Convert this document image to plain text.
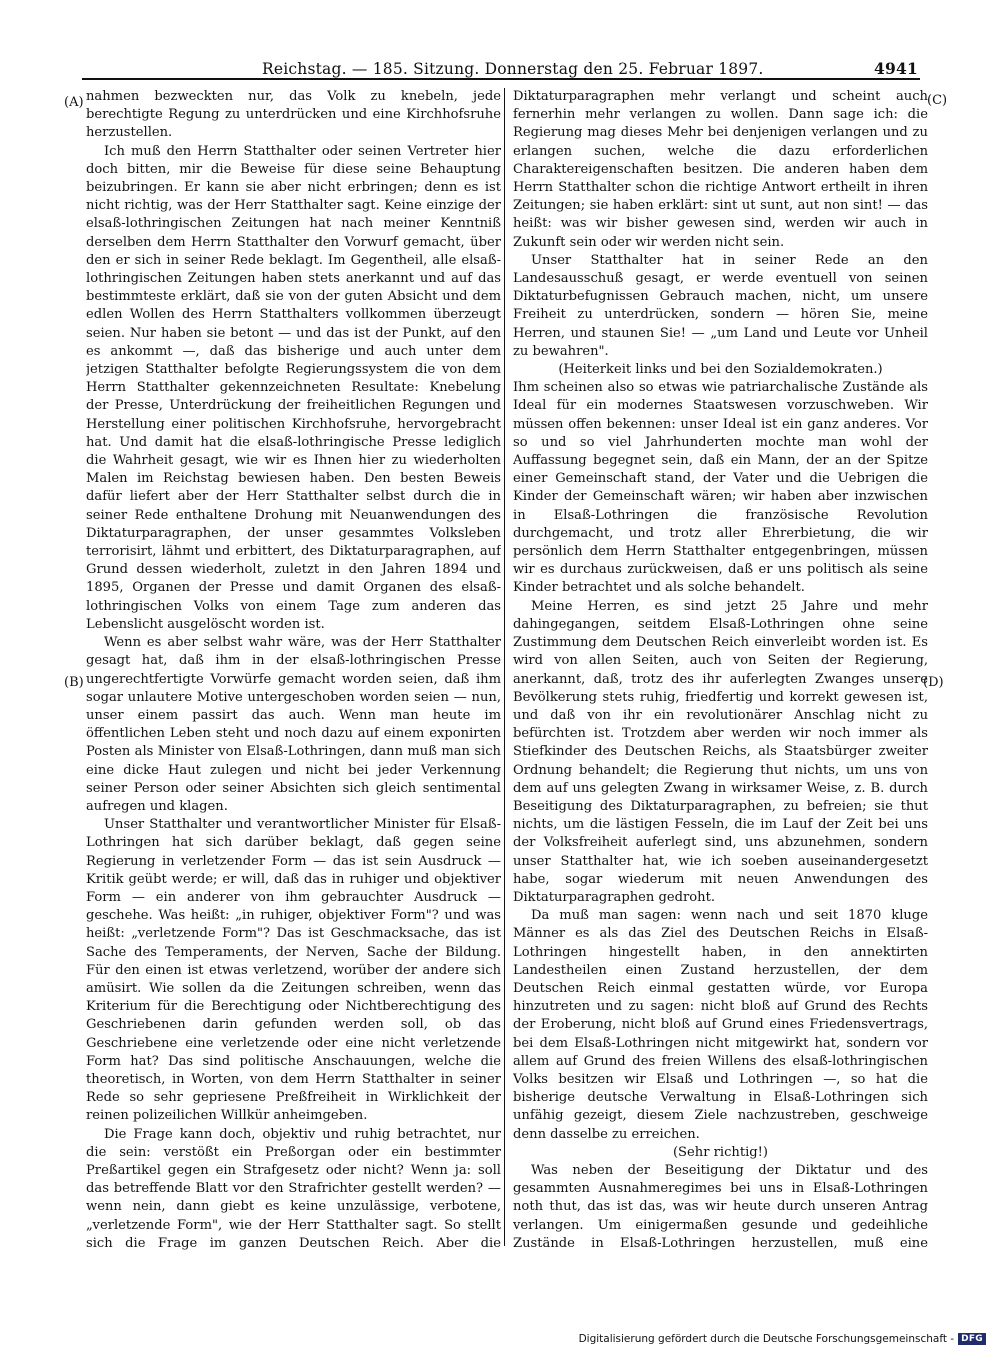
Reichstag. — 185. Sitzung. Donnerstag den 25. Februar 1897.	4941
(A)
(B)
(C)
(D)

nahmen bezweckten nur, das Volk zu knebeln, jede berechtigte Regung zu unterdrücken und eine Kirchhofsruhe herzustellen.

Ich muß den Herrn Statthalter oder seinen Vertreter hier doch bitten, mir die Beweise für diese seine Behauptung beizubringen. Er kann sie aber nicht erbringen; denn es ist nicht richtig, was der Herr Statthalter sagt. Keine einzige der elsaß-lothringischen Zeitungen hat nach meiner Kenntniß derselben dem Herrn Statthalter den Vorwurf gemacht, über den er sich in seiner Rede beklagt. Im Gegentheil, alle elsaß-lothringischen Zeitungen haben stets anerkannt und auf das bestimmteste erklärt, daß sie von der guten Absicht und dem edlen Wollen des Herrn Statthalters vollkommen überzeugt seien. Nur haben sie betont — und das ist der Punkt, auf den es ankommt —, daß das bisherige und auch unter dem jetzigen Statthalter befolgte Regierungssystem die von dem Herrn Statthalter gekennzeichneten Resultate: Knebelung der Presse, Unterdrückung der freiheitlichen Regungen und Herstellung einer politischen Kirchhofsruhe, hervorgebracht hat. Und damit hat die elsaß-lothringische Presse lediglich die Wahrheit gesagt, wie wir es Ihnen hier zu wiederholten Malen im Reichstag bewiesen haben. Den besten Beweis dafür liefert aber der Herr Statthalter selbst durch die in seiner Rede enthaltene Drohung mit Neuanwendungen des Diktaturparagraphen, der unser gesammtes Volksleben terrorisirt, lähmt und erbittert, des Diktaturparagraphen, auf Grund dessen wiederholt, zuletzt in den Jahren 1894 und 1895, Organen der Presse und damit Organen des elsaß-lothringischen Volks von einem Tage zum anderen das Lebenslicht ausgelöscht worden ist.

Wenn es aber selbst wahr wäre, was der Herr Statthalter gesagt hat, daß ihm in der elsaß-lothringischen Presse ungerechtfertigte Vorwürfe gemacht worden seien, daß ihm sogar unlautere Motive untergeschoben worden seien — nun, unser einem passirt das auch. Wenn man heute im öffentlichen Leben steht und noch dazu auf einem exponirten Posten als Minister von Elsaß-Lothringen, dann muß man sich eine dicke Haut zulegen und nicht bei jeder Verkennung seiner Person oder seiner Absichten sich gleich sentimental aufregen und klagen.

Unser Statthalter und verantwortlicher Minister für Elsaß-Lothringen hat sich darüber beklagt, daß gegen seine Regierung in verletzender Form — das ist sein Ausdruck — Kritik geübt werde; er will, daß das in ruhiger und objektiver Form — ein anderer von ihm gebrauchter Ausdruck — geschehe. Was heißt: „in ruhiger, objektiver Form"? und was heißt: „verletzende Form"? Das ist Geschmacksache, das ist Sache des Temperaments, der Nerven, Sache der Bildung. Für den einen ist etwas verletzend, worüber der andere sich amüsirt. Wie sollen da die Zeitungen schreiben, wenn das Kriterium für die Berechtigung oder Nichtberechtigung des Geschriebenen darin gefunden werden soll, ob das Geschriebene eine verletzende oder eine nicht verletzende Form hat? Das sind politische Anschauungen, welche die theoretisch, in Worten, von dem Herrn Statthalter in seiner Rede so sehr gepriesene Preßfreiheit in Wirklichkeit der reinen polizeilichen Willkür anheimgeben.

Die Frage kann doch, objektiv und ruhig betrachtet, nur die sein: verstößt ein Preßorgan oder ein bestimmter Preßartikel gegen ein Strafgesetz oder nicht? Wenn ja: soll das betreffende Blatt vor den Strafrichter gestellt werden? — wenn nein, dann giebt es keine unzulässige, verbotene, „verletzende Form", wie der Herr Statthalter sagt. So stellt sich die Frage im ganzen Deutschen Reich. Aber die

Diktaturparagraphen mehr verlangt und scheint auch fernerhin mehr verlangen zu wollen. Dann sage ich: die Regierung mag dieses Mehr bei denjenigen verlangen und zu erlangen suchen, welche die dazu erforderlichen Charaktereigenschaften besitzen. Die anderen haben dem Herrn Statthalter schon die richtige Antwort ertheilt in ihren Zeitungen; sie haben erklärt: sint ut sunt, aut non sint! — das heißt: was wir bisher gewesen sind, werden wir auch in Zukunft sein oder wir werden nicht sein.

Unser Statthalter hat in seiner Rede an den Landesausschuß gesagt, er werde eventuell von seinen Diktaturbefugnissen Gebrauch machen, nicht, um unsere Freiheit zu unterdrücken, sondern — hören Sie, meine Herren, und staunen Sie! — „um Land und Leute vor Unheil zu bewahren".

(Heiterkeit links und bei den Sozialdemokraten.)

Ihm scheinen also so etwas wie patriarchalische Zustände als Ideal für ein modernes Staatswesen vorzuschweben. Wir müssen offen bekennen: unser Ideal ist ein ganz anderes. Vor so und so viel Jahrhunderten mochte man wohl der Auffassung begegnet sein, daß ein Mann, der an der Spitze einer Gemeinschaft stand, der Vater und die Uebrigen die Kinder der Gemeinschaft wären; wir haben aber inzwischen in Elsaß-Lothringen die französische Revolution durchgemacht, und trotz aller Ehrerbietung, die wir persönlich dem Herrn Statthalter entgegenbringen, müssen wir es durchaus zurückweisen, daß er uns politisch als seine Kinder betrachtet und als solche behandelt.

Meine Herren, es sind jetzt 25 Jahre und mehr dahingegangen, seitdem Elsaß-Lothringen ohne seine Zustimmung dem Deutschen Reich einverleibt worden ist. Es wird von allen Seiten, auch von Seiten der Regierung, anerkannt, daß, trotz des ihr auferlegten Zwanges unsere Bevölkerung stets ruhig, friedfertig und korrekt gewesen ist, und daß von ihr ein revolutionärer Anschlag nicht zu befürchten ist. Trotzdem aber werden wir noch immer als Stiefkinder des Deutschen Reichs, als Staatsbürger zweiter Ordnung behandelt; die Regierung thut nichts, um uns von dem auf uns gelegten Zwang in wirksamer Weise, z. B. durch Beseitigung des Diktaturparagraphen, zu befreien; sie thut nichts, um die lästigen Fesseln, die im Lauf der Zeit bei uns der Volksfreiheit auferlegt sind, uns abzunehmen, sondern unser Statthalter hat, wie ich soeben auseinandergesetzt habe, sogar wiederum mit neuen Anwendungen des Diktaturparagraphen gedroht.

Da muß man sagen: wenn nach und seit 1870 kluge Männer es als das Ziel des Deutschen Reichs in Elsaß-Lothringen hingestellt haben, in den annektirten Landestheilen einen Zustand herzustellen, der dem Deutschen Reich einmal gestatten würde, vor Europa hinzutreten und zu sagen: nicht bloß auf Grund des Rechts der Eroberung, nicht bloß auf Grund eines Friedensvertrags, bei dem Elsaß-Lothringen nicht mitgewirkt hat, sondern vor allem auf Grund des freien Willens des elsaß-lothringischen Volks besitzen wir Elsaß und Lothringen —, so hat die bisherige deutsche Verwaltung in Elsaß-Lothringen sich unfähig gezeigt, diesem Ziele nachzustreben, geschweige denn dasselbe zu erreichen.

(Sehr richtig!)

Was neben der Beseitigung der Diktatur und des gesammten Ausnahmeregimes bei uns in Elsaß-Lothringen noth thut, das ist das, was wir heute durch unseren Antrag verlangen. Um einigermaßen gesunde und gedeihliche Zustände in Elsaß-Lothringen herzustellen, muß eine

Digitalisierung gefördert durch die Deutsche Forschungsgemeinschaft - DFG
